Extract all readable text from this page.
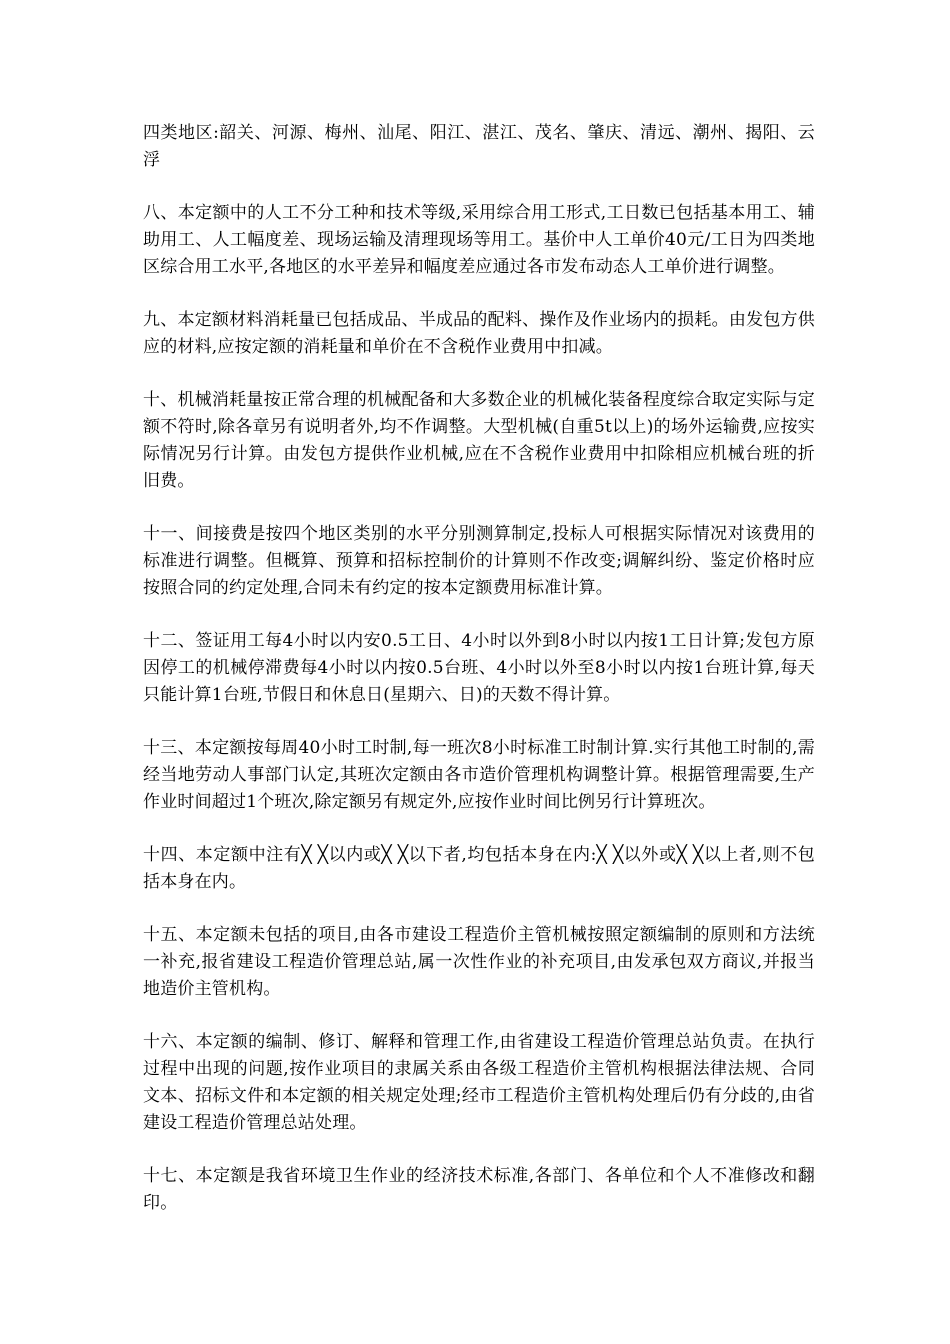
四类地区:韶关、河源、梅州、汕尾、阳江、湛江、茂名、肇庆、清远、潮州、揭阳、云浮

八、本定额中的人工不分工种和技术等级,采用综合用工形式,工日数已包括基本用工、辅助用工、人工幅度差、现场运输及清理现场等用工。基价中人工单价40元/工日为四类地区综合用工水平,各地区的水平差异和幅度差应通过各市发布动态人工单价进行调整。

九、本定额材料消耗量已包括成品、半成品的配料、操作及作业场内的损耗。由发包方供应的材料,应按定额的消耗量和单价在不含税作业费用中扣减。

十、机械消耗量按正常合理的机械配备和大多数企业的机械化装备程度综合取定实际与定额不符时,除各章另有说明者外,均不作调整。大型机械(自重5t以上)的场外运输费,应按实际情况另行计算。由发包方提供作业机械,应在不含税作业费用中扣除相应机械台班的折旧费。

十一、间接费是按四个地区类别的水平分别测算制定,投标人可根据实际情况对该费用的标准进行调整。但概算、预算和招标控制价的计算则不作改变;调解纠纷、鉴定价格时应按照合同的约定处理,合同未有约定的按本定额费用标准计算。

十二、签证用工每4小时以内安0.5工日、4小时以外到8小时以内按1工日计算;发包方原因停工的机械停滞费每4小时以内按0.5台班、4小时以外至8小时以内按1台班计算,每天只能计算1台班,节假日和休息日(星期六、日)的天数不得计算。

十三、本定额按每周40小时工时制,每一班次8小时标准工时制计算.实行其他工时制的,需经当地劳动人事部门认定,其班次定额由各市造价管理机构调整计算。根据管理需要,生产作业时间超过1个班次,除定额另有规定外,应按作业时间比例另行计算班次。

十四、本定额中注有╳ ╳以内或╳ ╳以下者,均包括本身在内:╳ ╳以外或╳ ╳以上者,则不包括本身在内。

十五、本定额未包括的项目,由各市建设工程造价主管机械按照定额编制的原则和方法统一补充,报省建设工程造价管理总站,属一次性作业的补充项目,由发承包双方商议,并报当地造价主管机构。

十六、本定额的编制、修订、解释和管理工作,由省建设工程造价管理总站负责。在执行过程中出现的问题,按作业项目的隶属关系由各级工程造价主管机构根据法律法规、合同文本、招标文件和本定额的相关规定处理;经市工程造价主管机构处理后仍有分歧的,由省建设工程造价管理总站处理。

十七、本定额是我省环境卫生作业的经济技术标准,各部门、各单位和个人不准修改和翻印。
